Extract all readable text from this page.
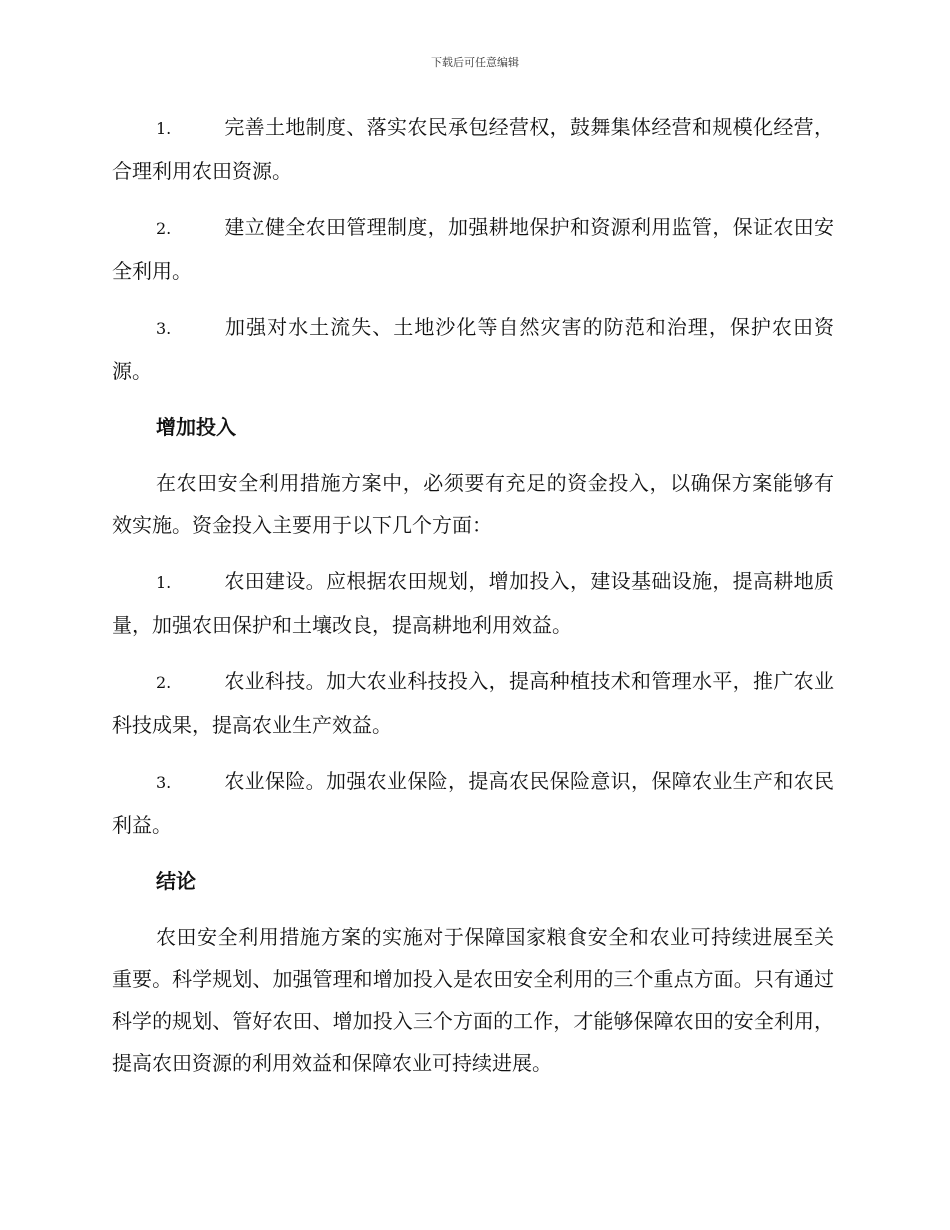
下载后可任意编辑

1.	完善土地制度、落实农民承包经营权，鼓舞集体经营和规模化经营，合理利用农田资源。

2.	建立健全农田管理制度，加强耕地保护和资源利用监管，保证农田安全利用。

3.	加强对水土流失、土地沙化等自然灾害的防范和治理，保护农田资源。

增加投入

在农田安全利用措施方案中，必须要有充足的资金投入，以确保方案能够有效实施。资金投入主要用于以下几个方面：

1.	农田建设。应根据农田规划，增加投入，建设基础设施，提高耕地质量，加强农田保护和土壤改良，提高耕地利用效益。

2.	农业科技。加大农业科技投入，提高种植技术和管理水平，推广农业科技成果，提高农业生产效益。

3.	农业保险。加强农业保险，提高农民保险意识，保障农业生产和农民利益。

结论

农田安全利用措施方案的实施对于保障国家粮食安全和农业可持续进展至关重要。科学规划、加强管理和增加投入是农田安全利用的三个重点方面。只有通过科学的规划、管好农田、增加投入三个方面的工作，才能够保障农田的安全利用，提高农田资源的利用效益和保障农业可持续进展。
